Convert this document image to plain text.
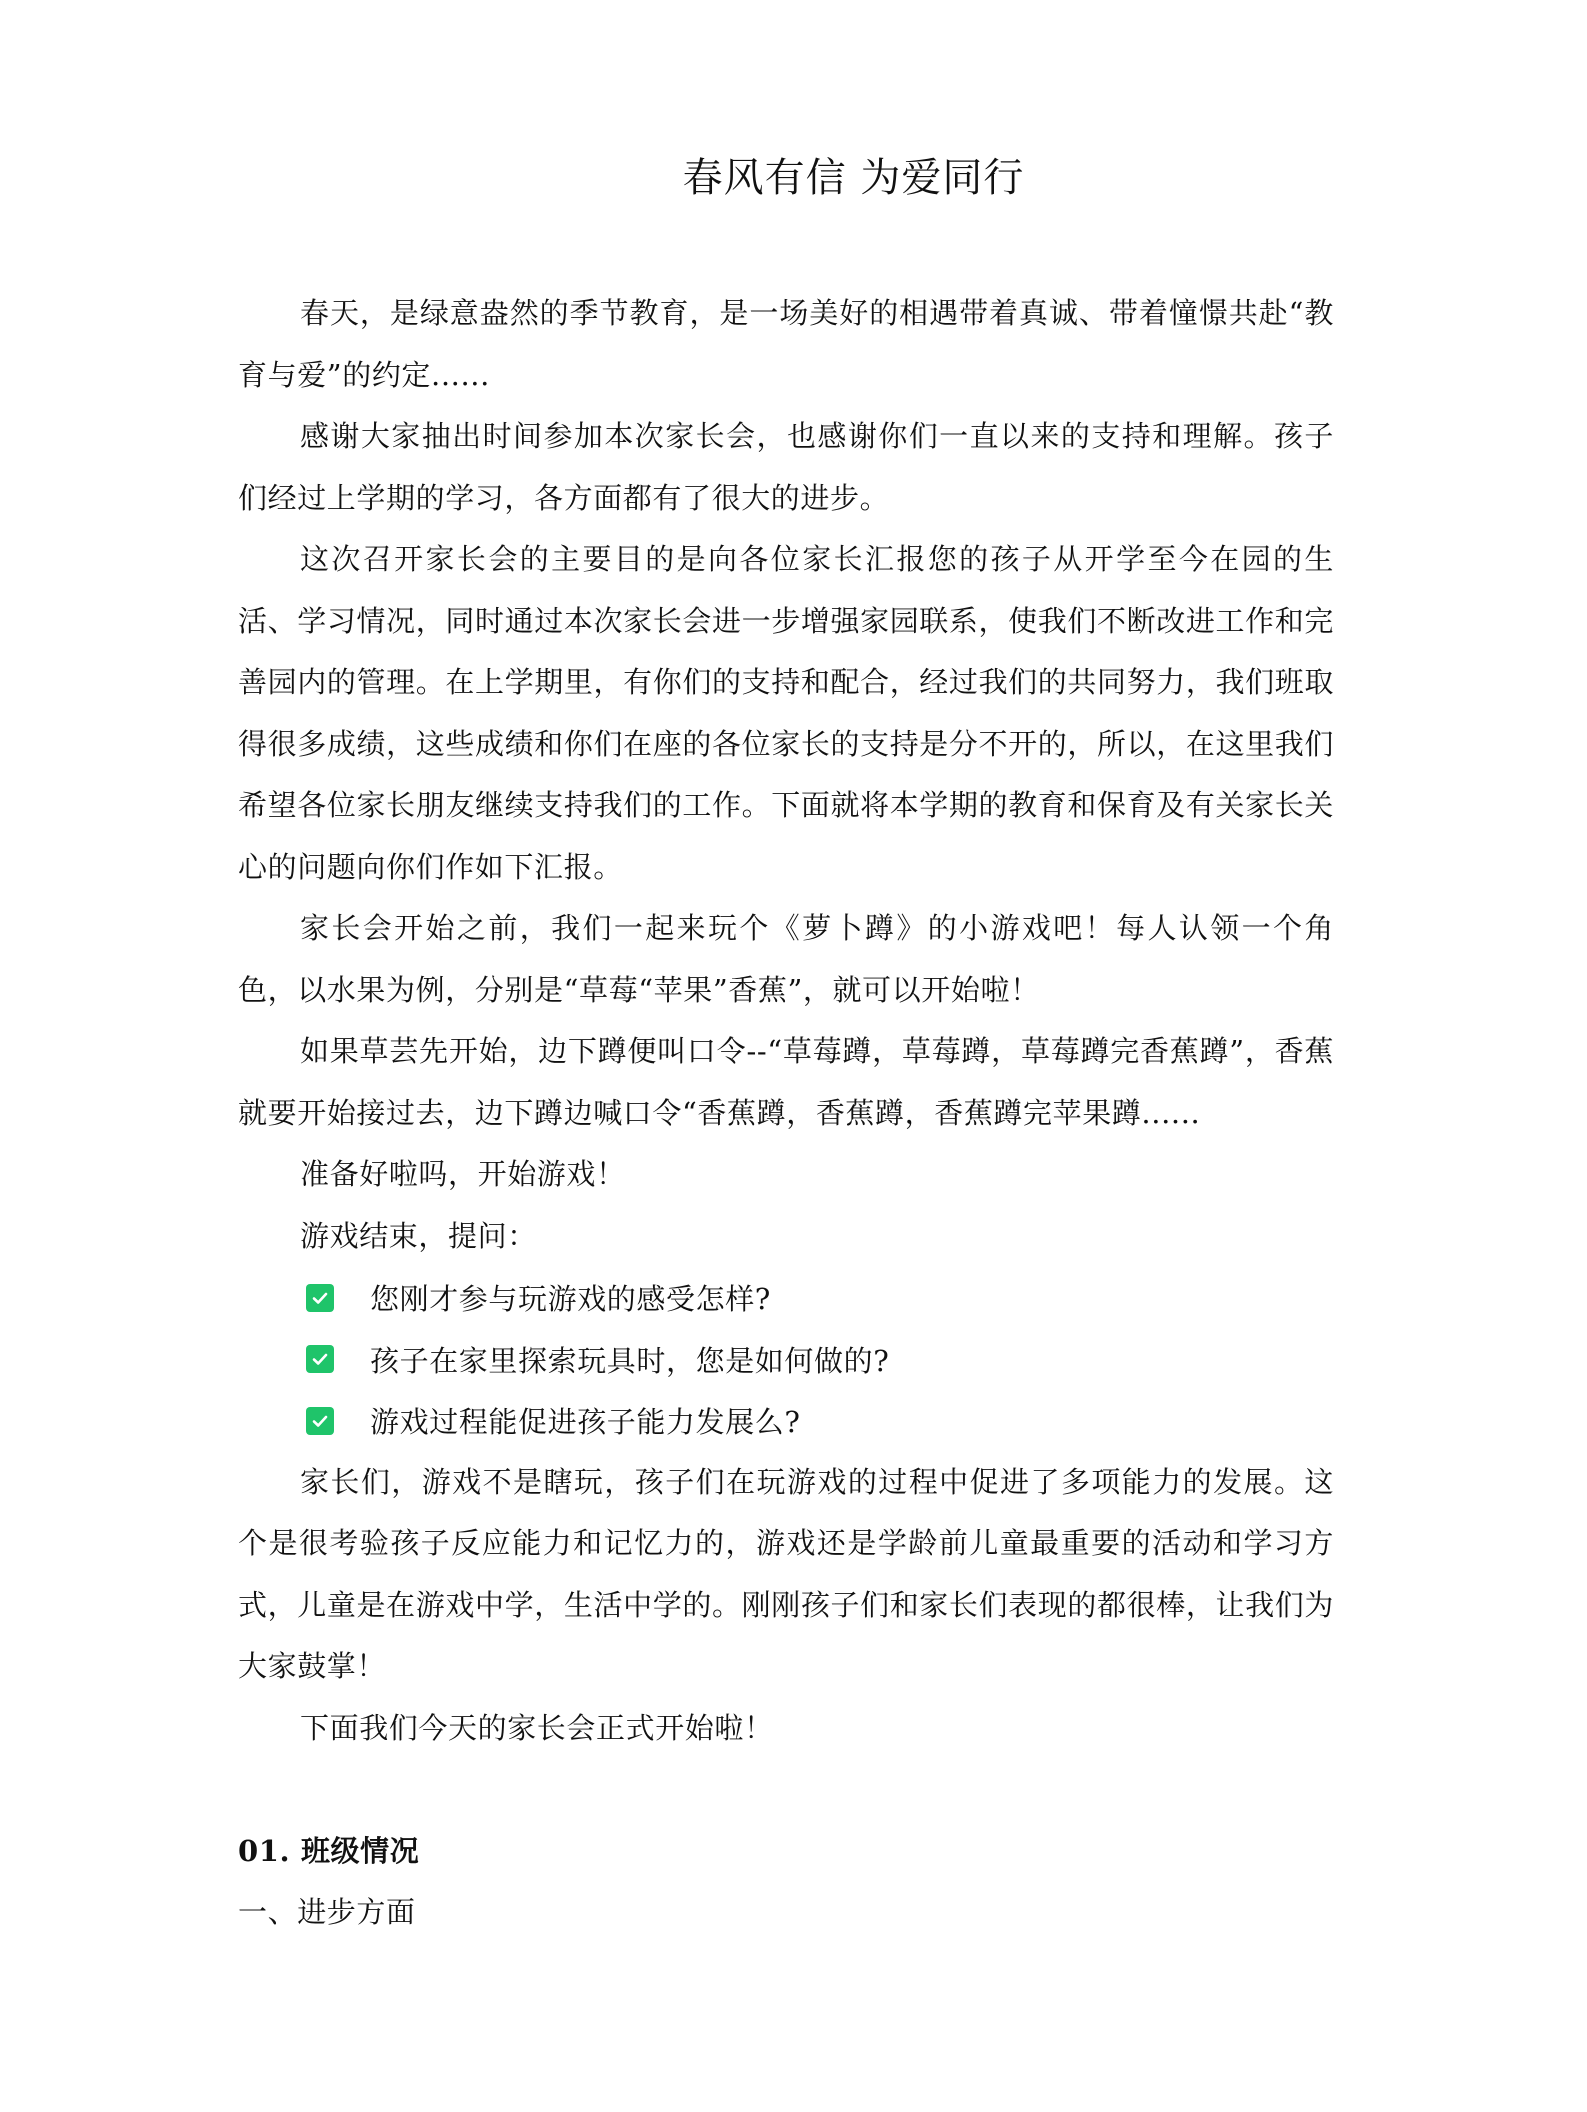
春风有信 为爱同行

春天，是绿意盎然的季节教育，是一场美好的相遇带着真诚、带着憧憬共赴“教育与爱”的约定......

感谢大家抽出时间参加本次家长会，也感谢你们一直以来的支持和理解。孩子们经过上学期的学习，各方面都有了很大的进步。

这次召开家长会的主要目的是向各位家长汇报您的孩子从开学至今在园的生活、学习情况，同时通过本次家长会进一步增强家园联系，使我们不断改进工作和完善园内的管理。在上学期里，有你们的支持和配合，经过我们的共同努力，我们班取得很多成绩，这些成绩和你们在座的各位家长的支持是分不开的，所以，在这里我们希望各位家长朋友继续支持我们的工作。下面就将本学期的教育和保育及有关家长关心的问题向你们作如下汇报。

家长会开始之前，我们一起来玩个《萝卜蹲》的小游戏吧！每人认领一个角色，以水果为例，分别是“草莓“苹果”香蕉”，就可以开始啦！

如果草芸先开始，边下蹲便叫口令--“草莓蹲，草莓蹲，草莓蹲完香蕉蹲”，香蕉就要开始接过去，边下蹲边喊口令“香蕉蹲，香蕉蹲，香蕉蹲完苹果蹲......

准备好啦吗，开始游戏！

游戏结束，提问：

您刚才参与玩游戏的感受怎样?
孩子在家里探索玩具时，您是如何做的?
游戏过程能促进孩子能力发展么?

家长们，游戏不是瞎玩，孩子们在玩游戏的过程中促进了多项能力的发展。这个是很考验孩子反应能力和记忆力的，游戏还是学龄前儿童最重要的活动和学习方式，儿童是在游戏中学，生活中学的。刚刚孩子们和家长们表现的都很棒，让我们为大家鼓掌！

下面我们今天的家长会正式开始啦！

01. 班级情况

一、进步方面
